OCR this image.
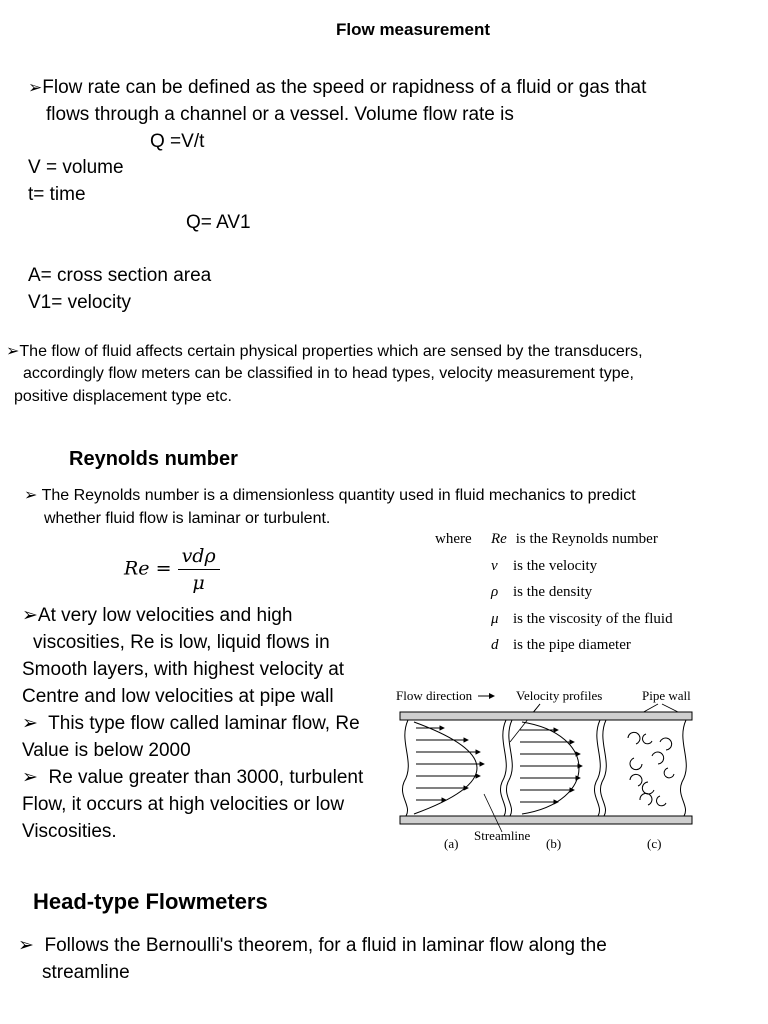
Flow measurement
➢Flow rate can be defined as the speed or rapidness of a fluid or gas that
flows through a channel or a vessel. Volume flow rate is
Q =V/t
V = volume
t= time
Q= AV1
A= cross section area
V1= velocity
➢The flow of fluid affects certain physical properties which are sensed by the transducers,
accordingly flow meters can be classified in to head types, velocity measurement type,
positive displacement type etc.
Reynolds number
➢ The Reynolds number is a dimensionless quantity used in fluid mechanics to predict
whether fluid flow is laminar or turbulent.
$Re = \frac{\text{vdρ}}{\mu}$
where Re is the Reynolds number
v is the velocity
ρ is the density
μ is the viscosity of the fluid
d is the pipe diameter
➢At very low velocities and high
viscosities, Re is low, liquid flows in
Smooth layers, with highest velocity at
Centre and low velocities at pipe wall
➢ This type flow called laminar flow, Re
Value is below 2000
➢ Re value greater than 3000, turbulent
Flow, it occurs at high velocities or low
Viscosities.
Flow direction	Velocity profiles	Pipe wall
Streamline
(a)	(b)	(c)
Head-type Flowmeters
➢ Follows the Bernoulli's theorem, for a fluid in laminar flow along the
streamline
